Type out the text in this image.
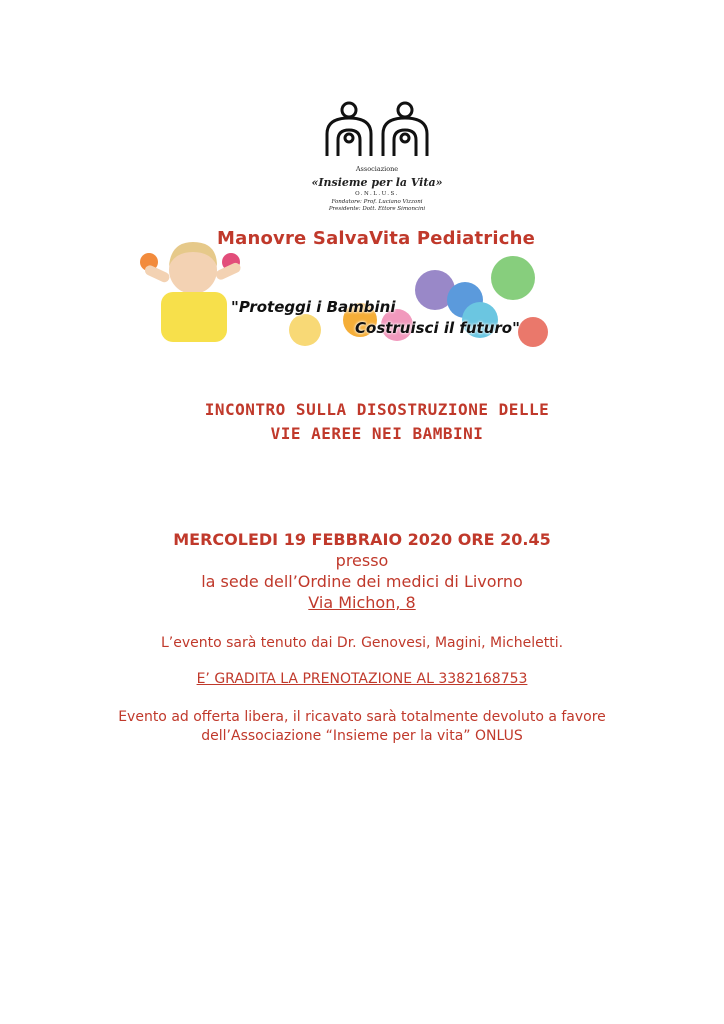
Associazione
«Insieme per la Vita»
O.N.L.U.S.
Fondatore: Prof. Luciano Vizzoni
Presidente: Dott. Ettore Simoncini
Manovre SalvaVita Pediatriche
"Proteggi i Bambini
Costruisci il futuro"
INCONTRO SULLA DISOSTRUZIONE DELLE
VIE AEREE NEI BAMBINI
MERCOLEDI 19 FEBBRAIO 2020 ORE 20.45
presso
la sede dell’Ordine dei medici di Livorno
Via Michon, 8
L’evento sarà tenuto dai Dr. Genovesi, Magini, Micheletti.
E’ GRADITA LA PRENOTAZIONE AL 3382168753
Evento ad offerta libera, il ricavato sarà totalmente devoluto a favore
dell’Associazione “Insieme per la vita” ONLUS
